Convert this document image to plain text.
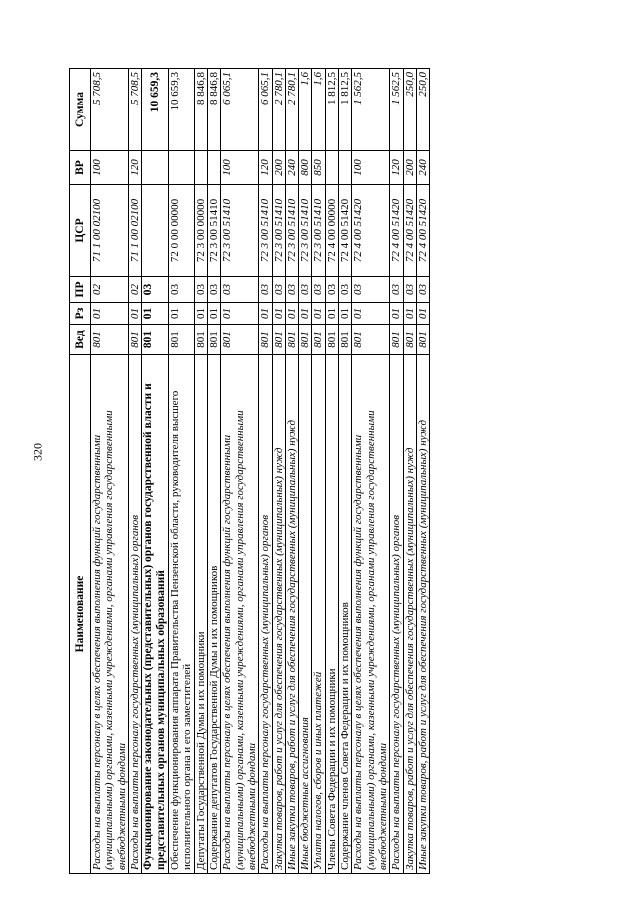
320
Наименование	Вед	Рз	ПР	ЦСР	ВР	Сумма
Расходы на выплаты персоналу в целях обеспечения выполнения функций государственными (муниципальными) органами, казенными учреждениями, органами управления государственными внебюджетными фондами	801	01	02	71 1 00 02100	100	5 708,5
Расходы на выплаты персоналу государственных (муниципальных) органов	801	01	02	71 1 00 02100	120	5 708,5
Функционирование законодательных (представительных) органов государственной власти и представительных органов муниципальных образований	801	01	03			10 659,3
Обеспечение функционирования аппарата Правительства Пензенской области, руководителя высшего исполнительного органа и его заместителей	801	01	03	72 0 00 00000		10 659,3
Депутаты Государственной Думы и их помощники	801	01	03	72 3 00 00000		8 846,8
Содержание депутатов Государственной Думы и их помощников	801	01	03	72 3 00 51410		8 846,8
Расходы на выплаты персоналу в целях обеспечения выполнения функций государственными (муниципальными) органами, казенными учреждениями, органами управления государственными внебюджетными фондами	801	01	03	72 3 00 51410	100	6 065,1
Расходы на выплаты персоналу государственных (муниципальных) органов	801	01	03	72 3 00 51410	120	6 065,1
Закупка товаров, работ и услуг для обеспечения государственных (муниципальных) нужд	801	01	03	72 3 00 51410	200	2 780,1
Иные закупки товаров, работ и услуг для обеспечения государственных (муниципальных) нужд	801	01	03	72 3 00 51410	240	2 780,1
Иные бюджетные ассигнования	801	01	03	72 3 00 51410	800	1,6
Уплата налогов, сборов и иных платежей	801	01	03	72 3 00 51410	850	1,6
Члены Совета Федерации и их помощники	801	01	03	72 4 00 00000		1 812,5
Содержание членов Совета Федерации и их помощников	801	01	03	72 4 00 51420		1 812,5
Расходы на выплаты персоналу в целях обеспечения выполнения функций государственными (муниципальными) органами, казенными учреждениями, органами управления государственными внебюджетными фондами	801	01	03	72 4 00 51420	100	1 562,5
Расходы на выплаты персоналу государственных (муниципальных) органов	801	01	03	72 4 00 51420	120	1 562,5
Закупка товаров, работ и услуг для обеспечения государственных (муниципальных) нужд	801	01	03	72 4 00 51420	200	250,0
Иные закупки товаров, работ и услуг для обеспечения государственных (муниципальных) нужд	801	01	03	72 4 00 51420	240	250,0
